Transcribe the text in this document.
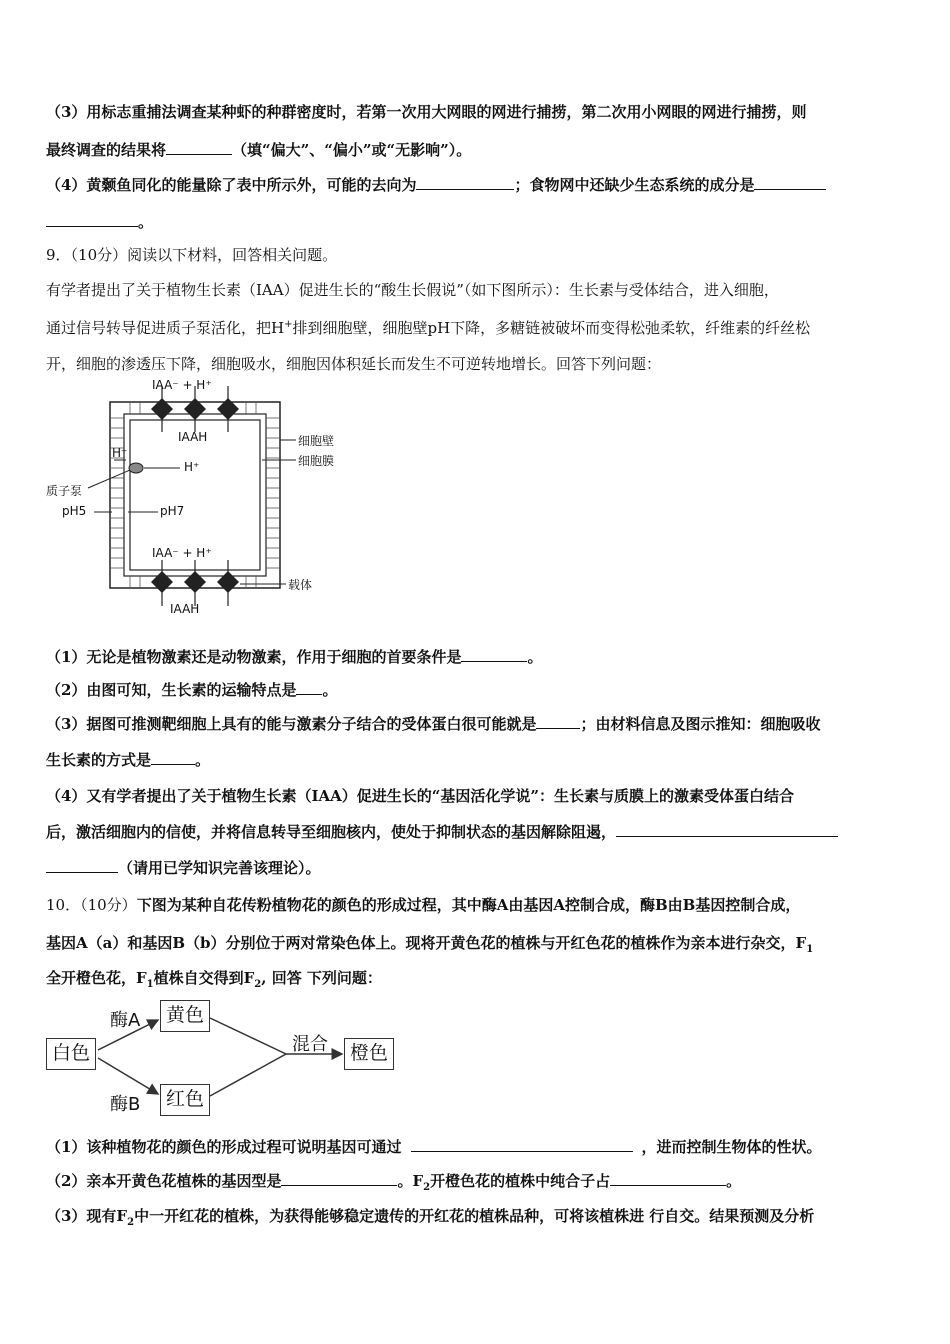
（3）用标志重捕法调查某种虾的种群密度时，若第一次用大网眼的网进行捕捞，第二次用小网眼的网进行捕捞，则
最终调查的结果将	（填“偏大”、“偏小”或“无影响”）。
（4）黄颡鱼同化的能量除了表中所示外，可能的去向为	；食物网中还缺少生态系统的成分是
。
9．（10分）阅读以下材料，回答相关问题。
有学者提出了关于植物生长素（IAA）促进生长的“酸生长假说”（如下图所示）：生长素与受体结合，进入细胞，
通过信号转导促进质子泵活化，把H+排到细胞壁，细胞壁pH下降，多糖链被破坏而变得松弛柔软，纤维素的纤丝松
开，细胞的渗透压下降，细胞吸水，细胞因体积延长而发生不可逆转地增长。回答下列问题：
IAA⁻ + H⁺
IAAH	细胞壁
细胞膜
H⁺
H⁺
质子泵
pH5	pH7
IAA⁻ + H⁺
载体
IAAH
（1）无论是植物激素还是动物激素，作用于细胞的首要条件是	。
（2）由图可知，生长素的运输特点是 。
（3）据图可推测靶细胞上具有的能与激素分子结合的受体蛋白很可能就是	；由材料信息及图示推知：细胞吸收
生长素的方式是	。
（4）又有学者提出了关于植物生长素（IAA）促进生长的“基因活化学说”：生长素与质膜上的激素受体蛋白结合
后，激活细胞内的信使，并将信息转导至细胞核内，使处于抑制状态的基因解除阻遏，
（请用已学知识完善该理论）。
10．（10分）下图为某种自花传粉植物花的颜色的形成过程，其中酶A由基因A控制合成，酶B由B基因控制合成，
基因A（a）和基因B（b）分别位于两对常染色体上。现将开黄色花的植株与开红色花的植株作为亲本进行杂交，$F_1$
全开橙色花，$F_1$植株自交得到$F_2$, 回答 下列问题：
白色
黄色
红色
橙色
酶A
酶B
混合
（1）该种植物花的颜色的形成过程可说明基因可通过	，进而控制生物体的性状。
（2）亲本开黄色花植株的基因型是	。$F_2$开橙色花的植株中纯合子占	。
（3）现有$F_2$中一开红花的植株，为获得能够稳定遗传的开红花的植株品种，可将该植株进 行自交。结果预测及分析
